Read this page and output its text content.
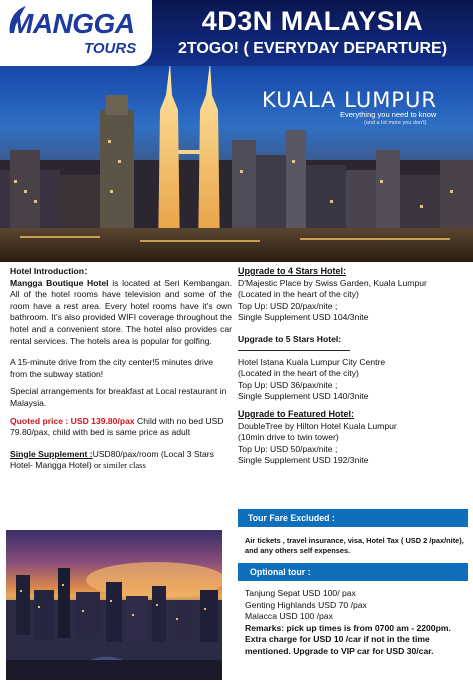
MANGGA
TOURS
4D3N MALAYSIA
2TOGO! ( EVERYDAY DEPARTURE)
KUALA LUMPUR
Everything you need to know
(and a lot more you don't)
Hotel Introduction：
Mangga Boutique Hotel is located at Seri Kembangan. All of the hotel rooms have television and some of the room have a rest area. Every hotel rooms have it's own bathroom. It's also provided WIFI coverage throughout the hotel and a convenient store. The hotel also provides car rental services. The hotels area is popular for golfing.
A 15-minute drive from the city center!5 minutes drive from the subway station!
Special arrangements for breakfast at Local restaurant in Malaysia.
Quoted price : USD 139.80/pax Child with no bed USD 79.80/pax, child with bed is same price as adult
Single Supplement :USD80/pax/room (Local 3 Stars Hotel- Mangga Hotel) or similer class
Upgrade to 4 Stars Hotel:
D'Majestic Place by Swiss Garden, Kuala Lumpur
(Located in the heart of the city)
Top Up: USD 20/pax/nite ;
Single Supplement USD 104/3nite
Upgrade to 5 Stars Hotel:
Hotel Istana Kuala Lumpur City Centre
(Located in the heart of the city)
Top Up: USD 36/pax/nite ;
Single Supplement USD 140/3nite
Upgrade to Featured Hotel:
DoubleTree by Hilton Hotel Kuala Lumpur
(10min drive to twin tower)
Top Up: USD 50/pax/nite ;
Single Supplement USD 192/3nite
Tour Fare Excluded :
Air tickets , travel insurance, visa, Hotel Tax ( USD 2 /pax/nite), and any others self expenses.
Optional tour :
Tanjung Sepat USD 100/ pax
Genting Highlands USD 70 /pax
Malacca USD 100 /pax
Remarks: pick up times is from 0700 am - 2200pm. Extra charge for USD 10 /car if not in the time mentioned. Upgrade to VIP car for USD 30/car.
